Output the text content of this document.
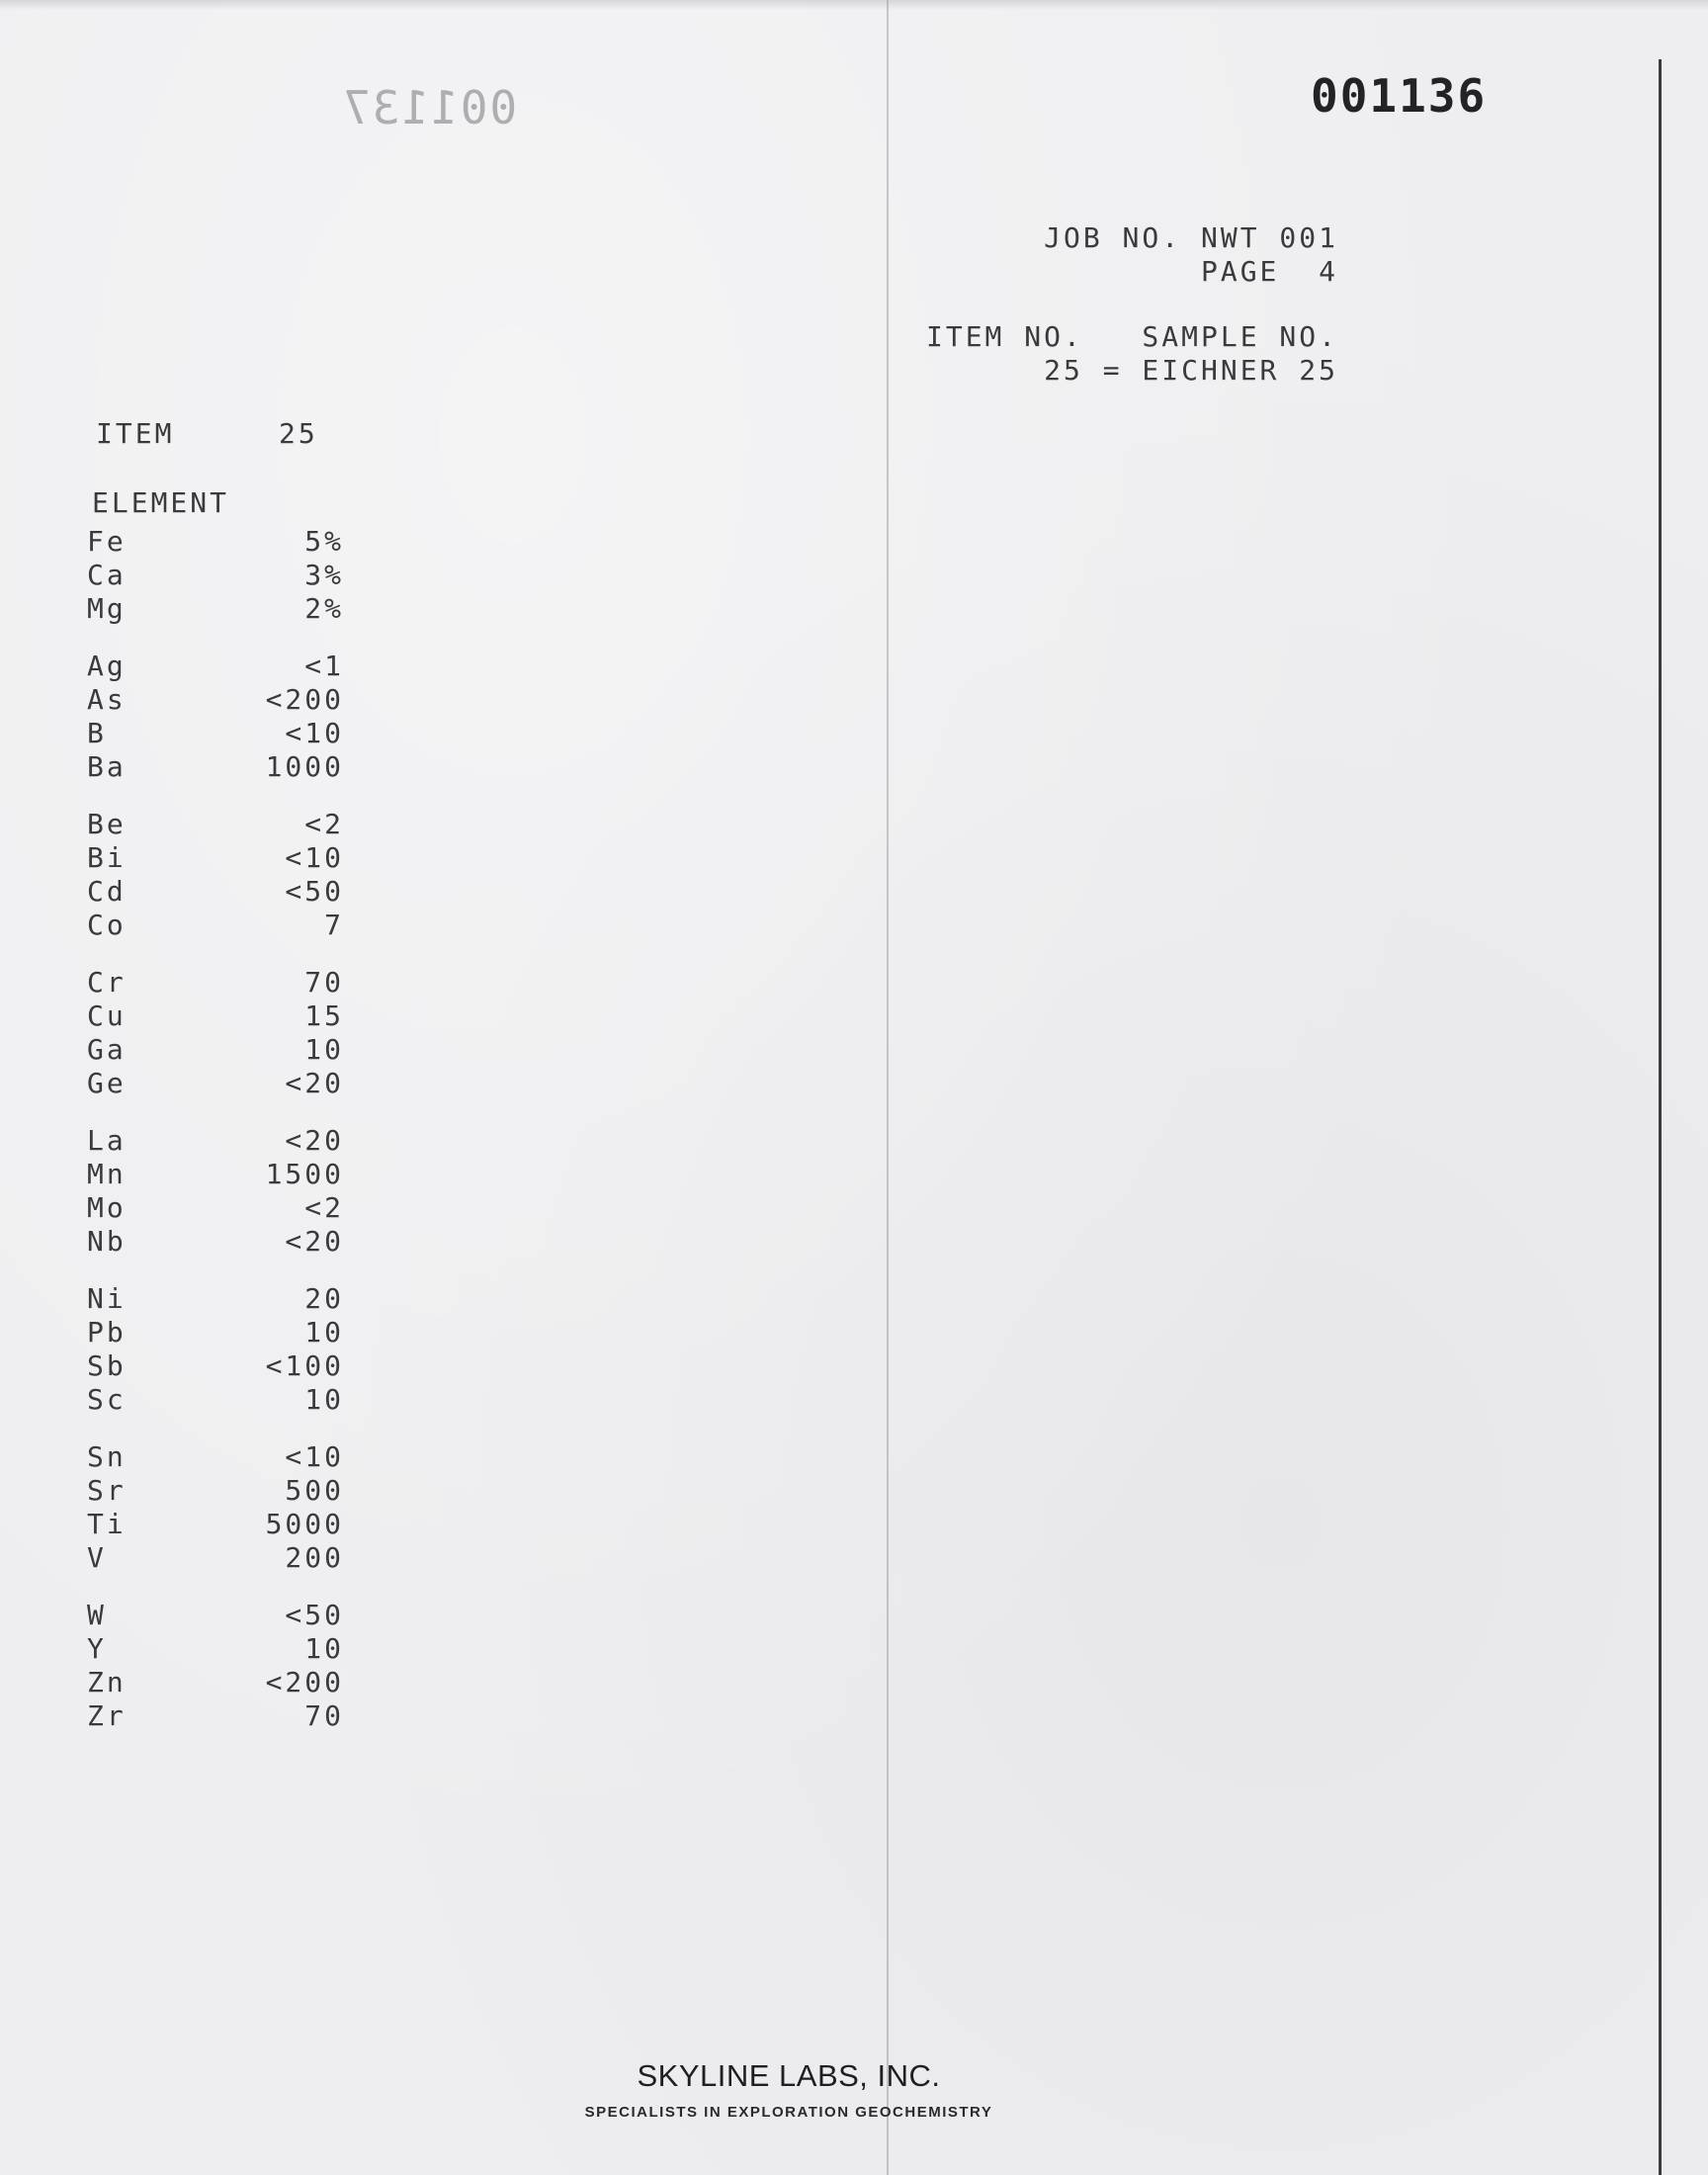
001137	001136
JOB NO. NWT 001
PAGE  4
ITEM NO.   SAMPLE NO.
25 = EICHNER 25
ITEM	25
ELEMENT
Fe	5%
Ca	3%
Mg	2%
Ag	<1
As	<200
B	<10
Ba	1000
Be	<2
Bi	<10
Cd	<50
Co	7
Cr	70
Cu	15
Ga	10
Ge	<20
La	<20
Mn	1500
Mo	<2
Nb	<20
Ni	20
Pb	10
Sb	<100
Sc	10
Sn	<10
Sr	500
Ti	5000
V	200
W	<50
Y	10
Zn	<200
Zr	70
SKYLINE LABS, INC.
SPECIALISTS IN EXPLORATION GEOCHEMISTRY
